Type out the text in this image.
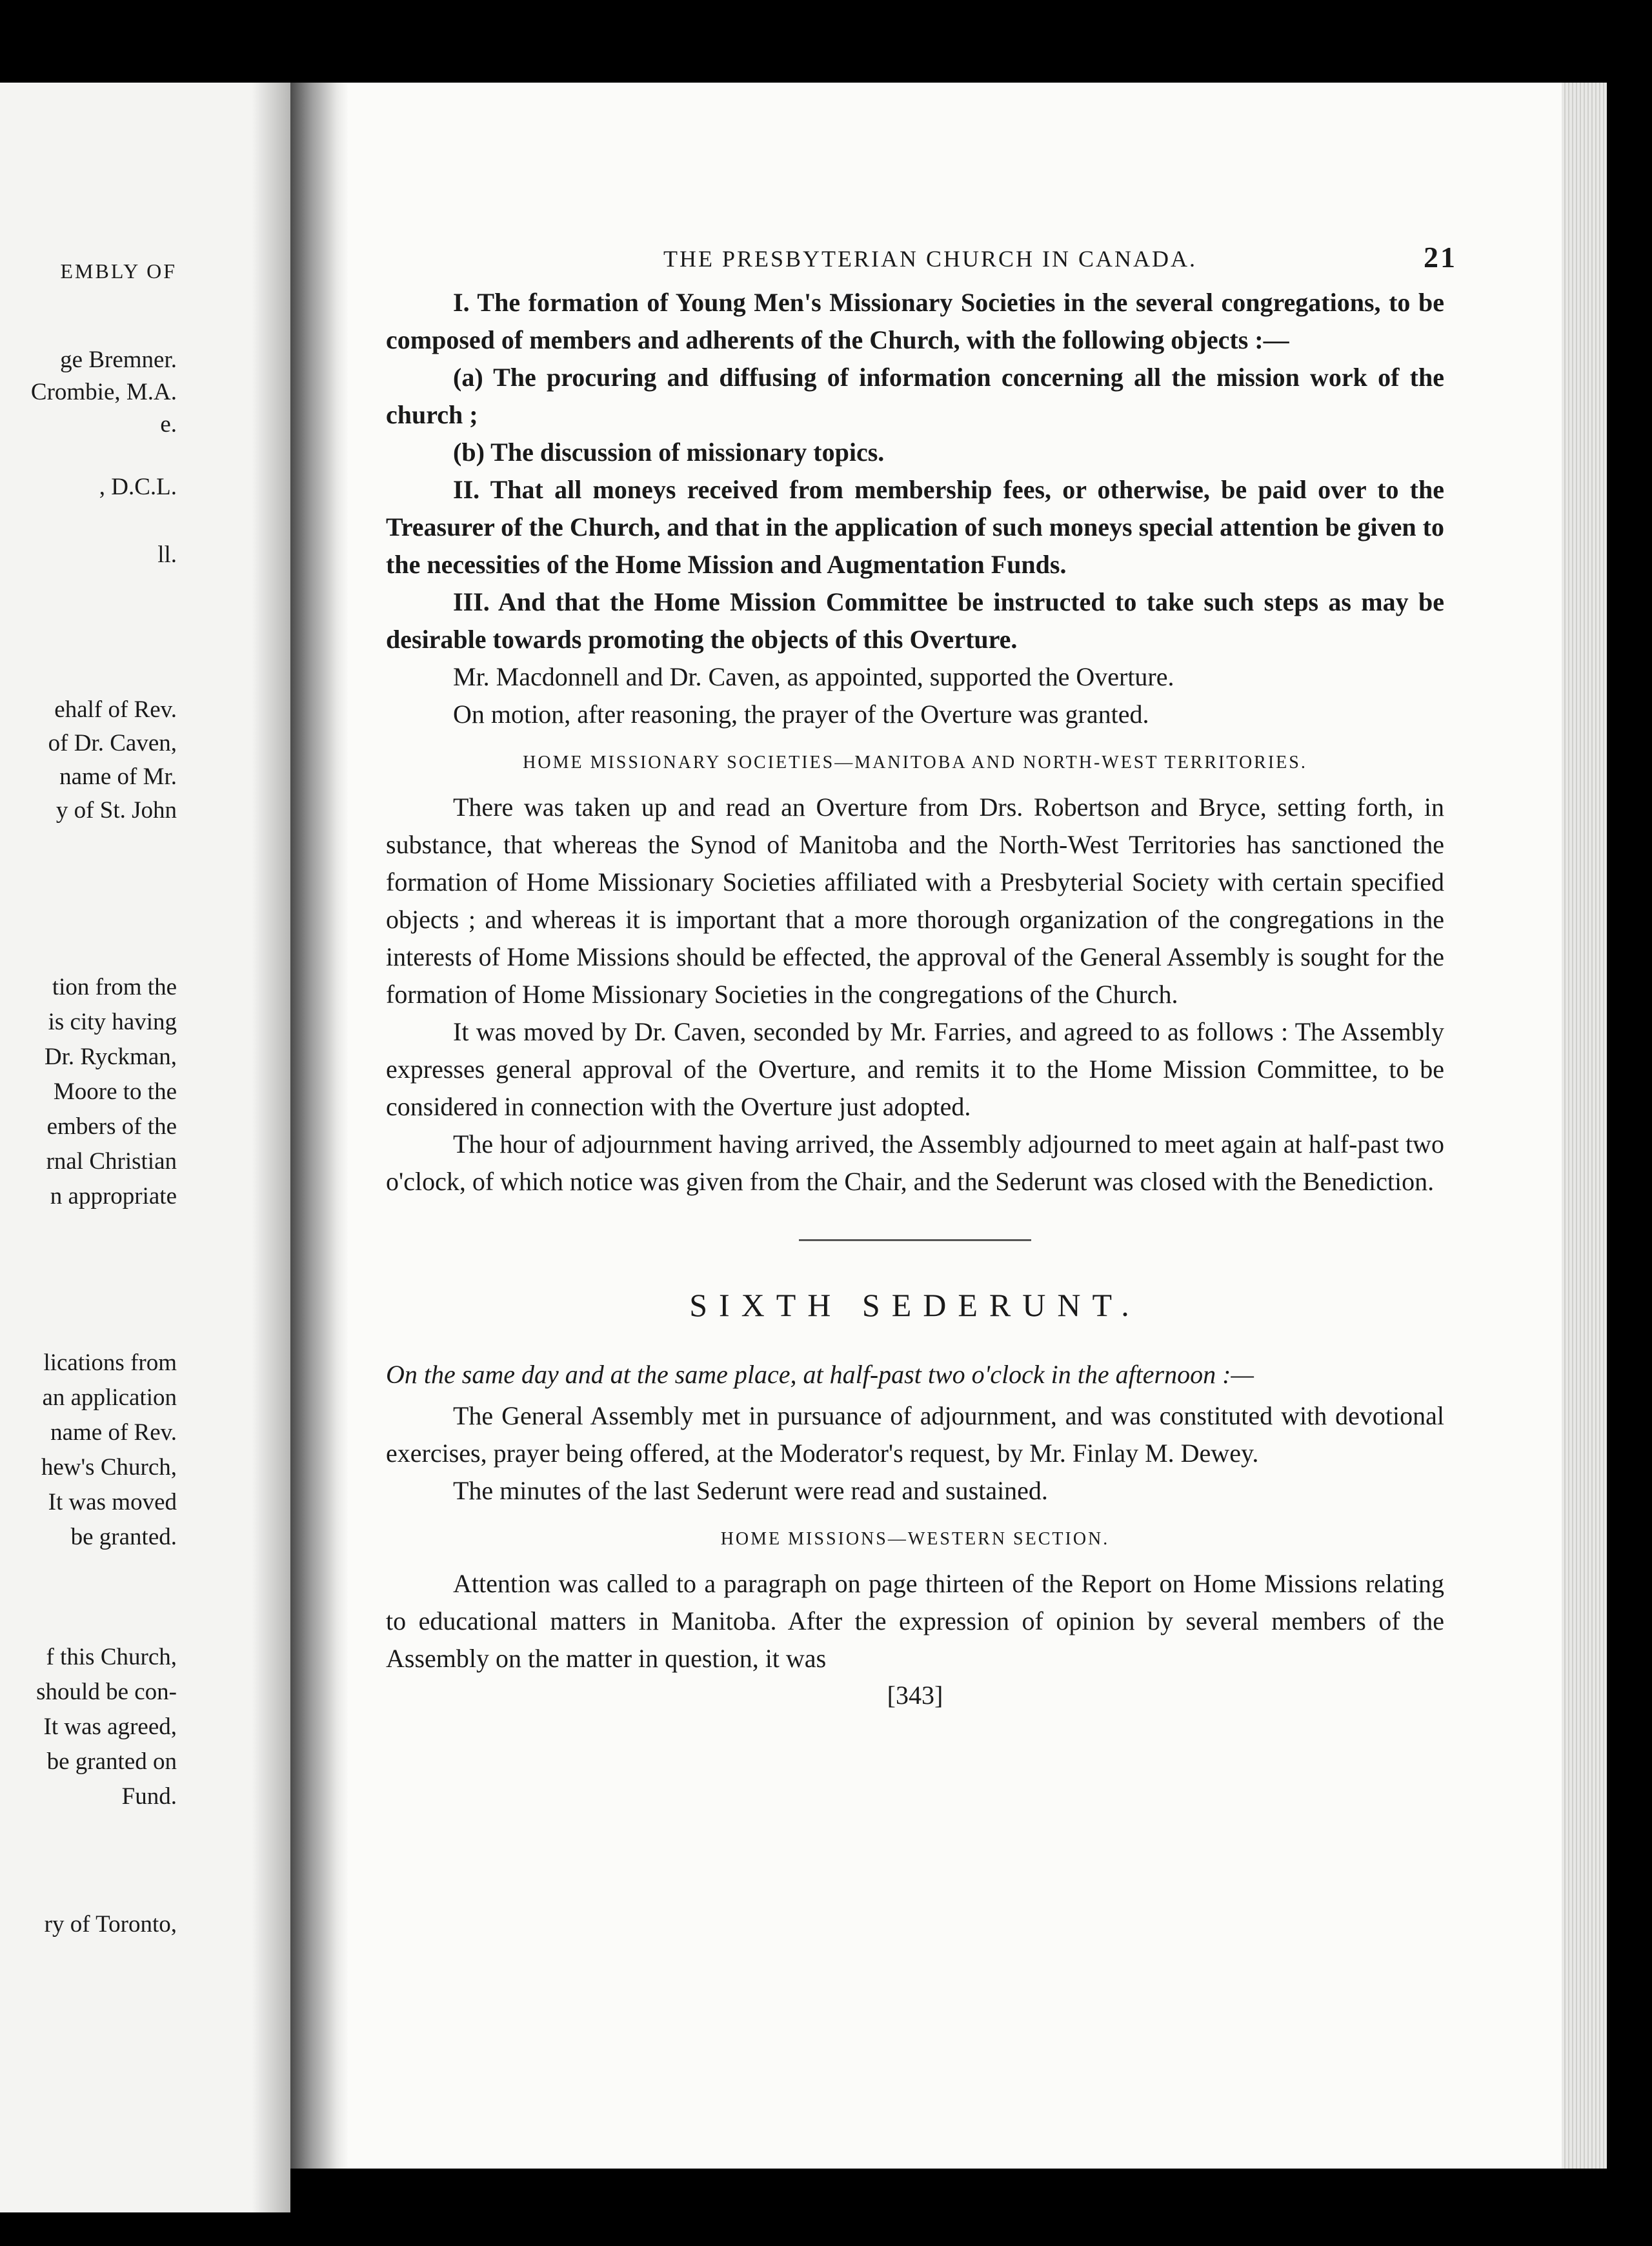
EMBLY OF
ge Bremner.
Crombie, M.A.
e.
, D.C.L.
ll.
ehalf of Rev.
of Dr. Caven,
name of Mr.
y of St. John
tion from the
is city having
Dr. Ryckman,
Moore to the
embers of the
rnal Christian
n appropriate
lications from
an application
name of Rev.
hew's Church,
It was moved
be granted.
f this Church,
should be con-
It was agreed,
be granted on
Fund.
ry of Toronto,
THE PRESBYTERIAN CHURCH IN CANADA.	21

I. The formation of Young Men's Missionary Societies in the several congregations, to be composed of members and adherents of the Church, with the following objects :—

(a) The procuring and diffusing of information concerning all the mission work of the church ;

(b) The discussion of missionary topics.

II. That all moneys received from membership fees, or otherwise, be paid over to the Treasurer of the Church, and that in the application of such moneys special attention be given to the necessities of the Home Mission and Augmentation Funds.

III. And that the Home Mission Committee be instructed to take such steps as may be desirable towards promoting the objects of this Overture.

Mr. Macdonnell and Dr. Caven, as appointed, supported the Overture.

On motion, after reasoning, the prayer of the Overture was granted.

HOME MISSIONARY SOCIETIES—MANITOBA AND NORTH-WEST TERRITORIES.

There was taken up and read an Overture from Drs. Robertson and Bryce, setting forth, in substance, that whereas the Synod of Manitoba and the North-West Territories has sanctioned the formation of Home Missionary Societies affiliated with a Presbyterial Society with certain specified objects ; and whereas it is important that a more thorough organization of the congregations in the interests of Home Missions should be effected, the approval of the General Assembly is sought for the formation of Home Missionary Societies in the congregations of the Church.

It was moved by Dr. Caven, seconded by Mr. Farries, and agreed to as follows : The Assembly expresses general approval of the Overture, and remits it to the Home Mission Committee, to be considered in connection with the Overture just adopted.

The hour of adjournment having arrived, the Assembly adjourned to meet again at half-past two o'clock, of which notice was given from the Chair, and the Sederunt was closed with the Benediction.

SIXTH SEDERUNT.
On the same day and at the same place, at half-past two o'clock in the afternoon :—

The General Assembly met in pursuance of adjournment, and was constituted with devotional exercises, prayer being offered, at the Moderator's request, by Mr. Finlay M. Dewey.

The minutes of the last Sederunt were read and sustained.

HOME MISSIONS—WESTERN SECTION.

Attention was called to a paragraph on page thirteen of the Report on Home Missions relating to educational matters in Manitoba. After the expression of opinion by several members of the Assembly on the matter in question, it was

[343]
